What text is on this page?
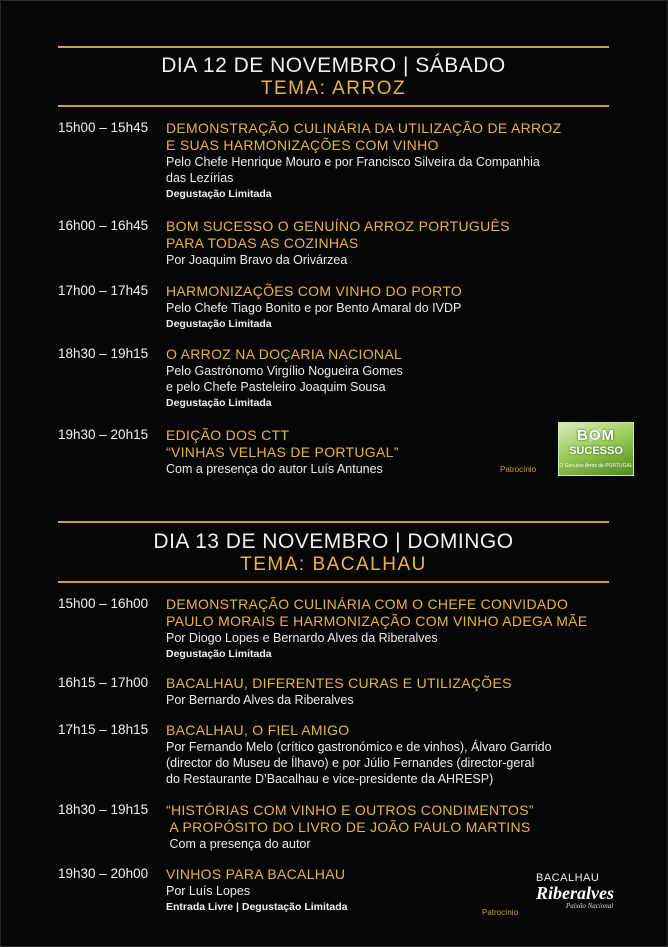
DIA 12 DE NOVEMBRO | SÁBADO
TEMA: ARROZ
15h00 – 15h45 DEMONSTRAÇÃO CULINÁRIA DA UTILIZAÇÃO DE ARROZ
E SUAS HARMONIZAÇÕES COM VINHO
Pelo Chefe Henrique Mouro e por Francisco Silveira da Companhia
das Lezírias
Degustação Limitada
16h00 – 16h45 BOM SUCESSO O GENUÍNO ARROZ PORTUGUÊS
PARA TODAS AS COZINHAS
Por Joaquim Bravo da Orivárzea
17h00 – 17h45 HARMONIZAÇÕES COM VINHO DO PORTO
Pelo Chefe Tiago Bonito e por Bento Amaral do IVDP
Degustação Limitada
18h30 – 19h15 O ARROZ NA DOÇARIA NACIONAL
Pelo Gastrónomo Virgílio Nogueira Gomes
e pelo Chefe Pasteleiro Joaquim Sousa
Degustação Limitada
19h30 – 20h15 EDIÇÃO DOS CTT
“VINHAS VELHAS DE PORTUGAL”
Com a presença do autor Luís Antunes	Patrocínio
BOM
SUCESSO
O Genuíno Arroz de PORTUGAL
DIA 13 DE NOVEMBRO | DOMINGO
TEMA: BACALHAU
15h00 – 16h00 DEMONSTRAÇÃO CULINÁRIA COM O CHEFE CONVIDADO
PAULO MORAIS E HARMONIZAÇÃO COM VINHO ADEGA MÃE
Por Diogo Lopes e Bernardo Alves da Riberalves
Degustação Limitada
16h15 – 17h00 BACALHAU, DIFERENTES CURAS E UTILIZAÇÕES
Por Bernardo Alves da Riberalves
17h15 – 18h15 BACALHAU, O FIEL AMIGO
Por Fernando Melo (crítico gastronómico e de vinhos), Álvaro Garrido
(director do Museu de Ílhavo) e por Júlio Fernandes (director-geral
do Restaurante D’Bacalhau e vice-presidente da AHRESP)
18h30 – 19h15 “HISTÓRIAS COM VINHO E OUTROS CONDIMENTOS”
A PROPÓSITO DO LIVRO DE JOÃO PAULO MARTINS
Com a presença do autor
19h30 – 20h00 VINHOS PARA BACALHAU
Por Luís Lopes
Entrada Livre | Degustação Limitada	Patrocínio
BACALHAU
Riberalves
Paixão Nacional
